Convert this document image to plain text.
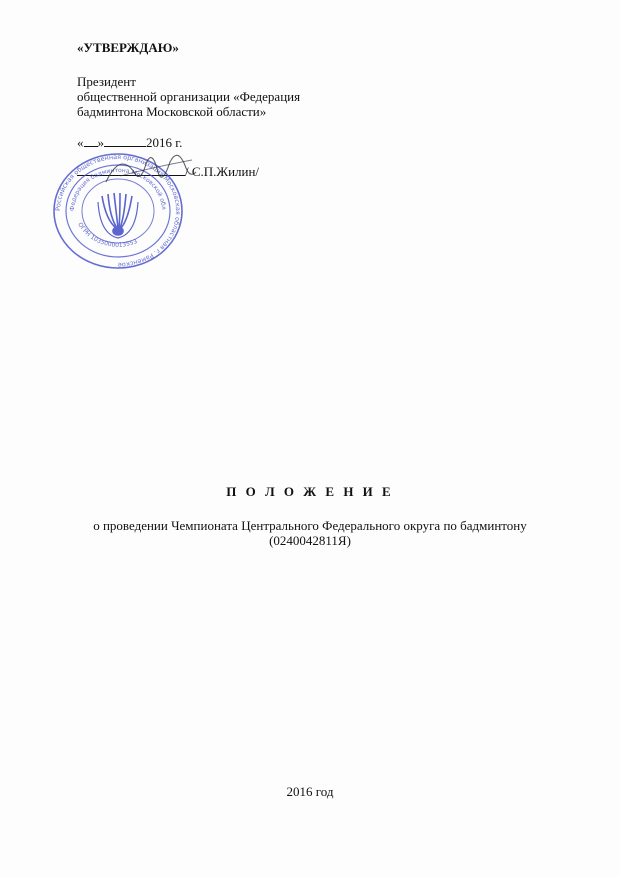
«УТВЕРЖДАЮ»
Президент
общественной организации «Федерация
бадминтона Московской области»
« »	2016 г.
/ С.П.Жилин/
Российская общественная организация Московская областная г. Раменское
Федерация бадминтона Московской обл
ОГРН 1035000013553
П О Л О Ж Е Н И Е
о проведении Чемпионата Центрального Федерального округа по бадминтону
(0240042811Я)
2016 год
